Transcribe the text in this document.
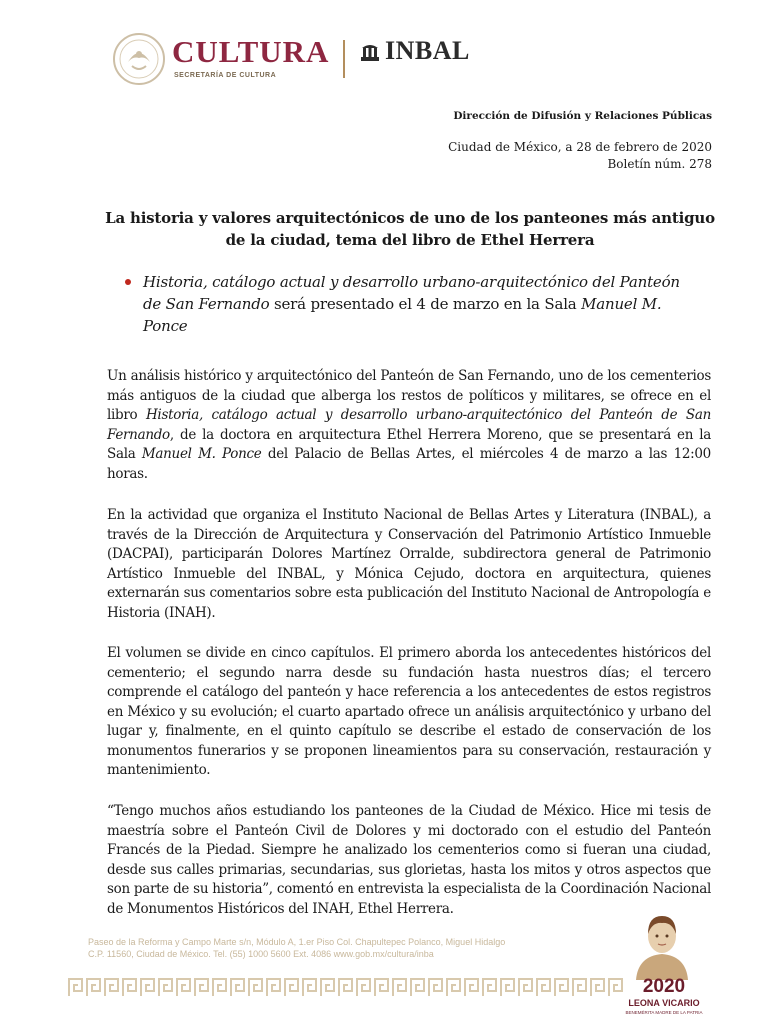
CULTURA
SECRETARÍA DE CULTURA
INBAL
Dirección de Difusión y Relaciones Públicas
Ciudad de México, a 28 de febrero de 2020
Boletín núm. 278
La historia y valores arquitectónicos de uno de los panteones más antiguo de la ciudad, tema del libro de Ethel Herrera
Historia, catálogo actual y desarrollo urbano-arquitectónico del Panteón de San Fernando será presentado el 4 de marzo en la Sala Manuel M. Ponce
Un análisis histórico y arquitectónico del Panteón de San Fernando, uno de los cementerios más antiguos de la ciudad que alberga los restos de políticos y militares, se ofrece en el libro Historia, catálogo actual y desarrollo urbano-arquitectónico del Panteón de San Fernando, de la doctora en arquitectura Ethel Herrera Moreno, que se presentará en la Sala Manuel M. Ponce del Palacio de Bellas Artes, el miércoles 4 de marzo a las 12:00 horas.
En la actividad que organiza el Instituto Nacional de Bellas Artes y Literatura (INBAL), a través de la Dirección de Arquitectura y Conservación del Patrimonio Artístico Inmueble (DACPAI), participarán Dolores Martínez Orralde, subdirectora general de Patrimonio Artístico Inmueble del INBAL, y Mónica Cejudo, doctora en arquitectura, quienes externarán sus comentarios sobre esta publicación del Instituto Nacional de Antropología e Historia (INAH).
El volumen se divide en cinco capítulos. El primero aborda los antecedentes históricos del cementerio; el segundo narra desde su fundación hasta nuestros días; el tercero comprende el catálogo del panteón y hace referencia a los antecedentes de estos registros en México y su evolución; el cuarto apartado ofrece un análisis arquitectónico y urbano del lugar y, finalmente, en el quinto capítulo se describe el estado de conservación de los monumentos funerarios y se proponen lineamientos para su conservación, restauración y mantenimiento.
“Tengo muchos años estudiando los panteones de la Ciudad de México. Hice mi tesis de maestría sobre el Panteón Civil de Dolores y mi doctorado con el estudio del Panteón Francés de la Piedad. Siempre he analizado los cementerios como si fueran una ciudad, desde sus calles primarias, secundarias, sus glorietas, hasta los mitos y otros aspectos que son parte de su historia”, comentó en entrevista la especialista de la Coordinación Nacional de Monumentos Históricos del INAH, Ethel Herrera.
Paseo de la Reforma y Campo Marte s/n, Módulo A, 1.er Piso Col. Chapultepec Polanco, Miguel Hidalgo
C.P. 11560, Ciudad de México. Tel. (55) 1000 5600 Ext. 4086 www.gob.mx/cultura/inba
2020
LEONA VICARIO
BENEMÉRITA MADRE DE LA PATRIA
